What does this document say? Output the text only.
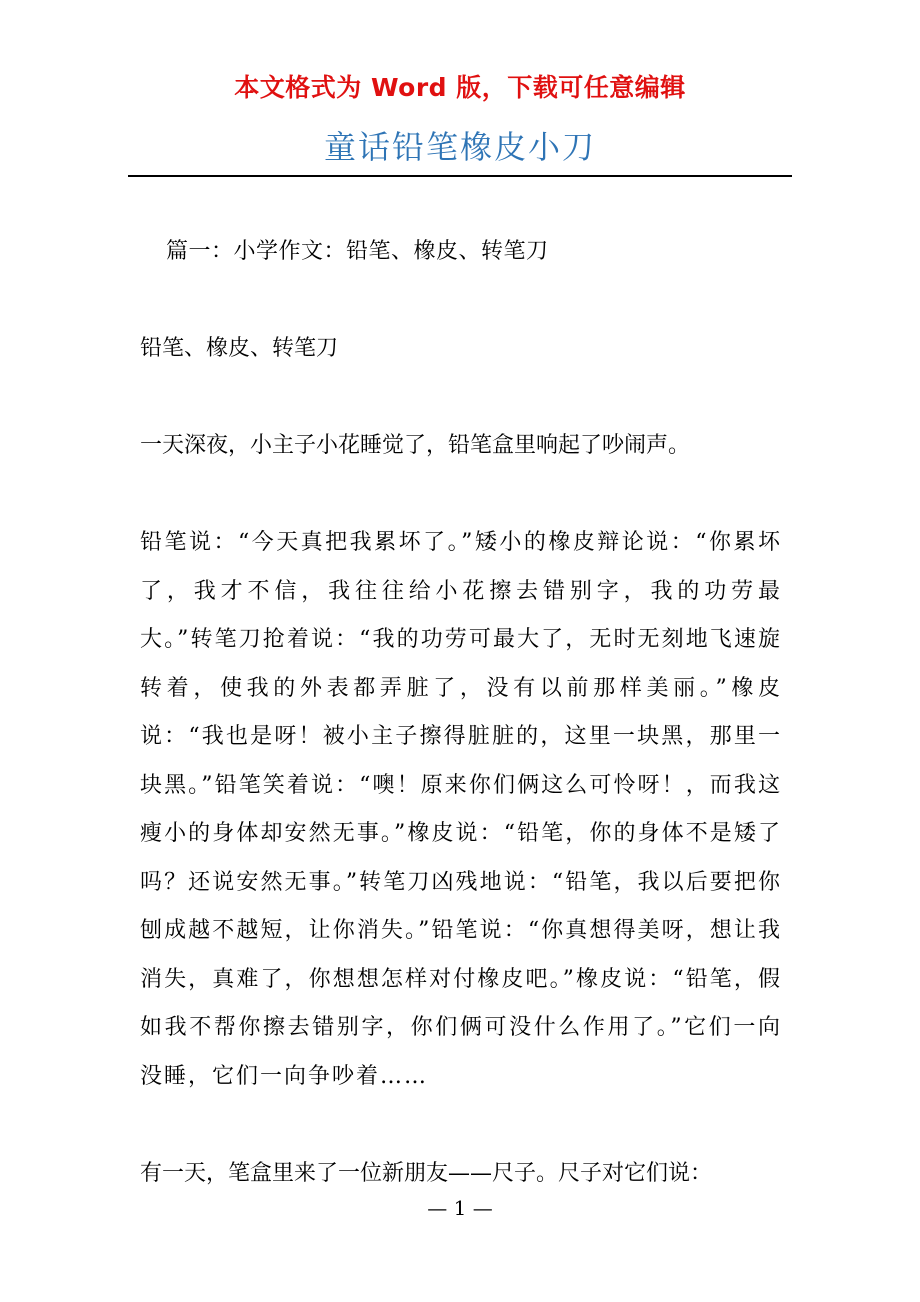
本文格式为 Word 版，下载可任意编辑
童话铅笔橡皮小刀

篇一：小学作文：铅笔、橡皮、转笔刀

铅笔、橡皮、转笔刀

一天深夜，小主子小花睡觉了，铅笔盒里响起了吵闹声。

铅笔说：“今天真把我累坏了。”矮小的橡皮辩论说：“你累坏了，我才不信，我往往给小花擦去错别字，我的功劳最大。”转笔刀抢着说：“我的功劳可最大了，无时无刻地飞速旋转着，使我的外表都弄脏了，没有以前那样美丽。”橡皮说：“我也是呀！被小主子擦得脏脏的，这里一块黑，那里一块黑。”铅笔笑着说：“噢！原来你们俩这么可怜呀！，而我这瘦小的身体却安然无事。”橡皮说：“铅笔，你的身体不是矮了吗？还说安然无事。”转笔刀凶残地说：“铅笔，我以后要把你刨成越不越短，让你消失。”铅笔说：“你真想得美呀，想让我消失，真难了，你想想怎样对付橡皮吧。”橡皮说：“铅笔，假如我不帮你擦去错别字，你们俩可没什么作用了。”它们一向没睡，它们一向争吵着……

有一天，笔盒里来了一位新朋友——尺子。尺子对它们说：

— 1 —
